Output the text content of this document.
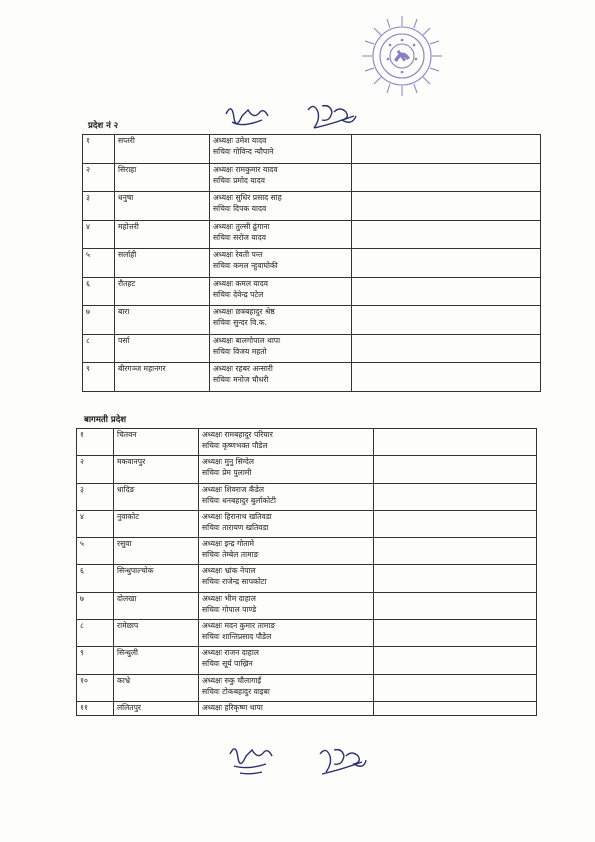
प्रदेश नं २
१	सप्तरी	अध्यक्षः उमेश यादव
सचिवः गोविन्द न्यौपाने	

२	सिराहा	अध्यक्षः रामकुमार यादव
सचिवः प्रमोद यादव	

३	धनुषा	अध्यक्षः सुधिर प्रसाद साह
सचिवः दिपक यादव	

४	महोत्तरी	अध्यक्षः तुल्सी ढुंगाना
सचिवः सरोज यादव	

५	सर्लाही	अध्यक्षः रेवती पन्त
सचिवः कमल न्हुवाघोकी	

६	रौतहट	अध्यक्षः कमल यादव
सचिवः देवेन्द्र पटेल	

७	बारा	अध्यक्षः छत्रबहादुर श्रेष्ठ
सचिवः सुन्दर वि.क.	

८	पर्सा	अध्यक्षः बालगोपाल थापा
सचिवः विजय महतो	

९	बीरगञ्ज महानगर	अध्यक्षः रहबर अन्सारी
सचिवः मनोज चौधरी	

बागमती प्रदेश
१	चितवन	अध्यक्षः रामबहादुर परियार
सचिवः कृष्णभक्त पौडेल	

२	मकवानपुर	अध्यक्षः मुनु सिग्देल
सचिवः प्रेम पुलामी	

३	धादिङ	अध्यक्षः शिवराज कँडेल
सचिवः धनबहादुर बुर्लाकोटी	

४	नुवाकोट	अध्यक्षः हिरानाथ खतिवडा
सचिवः तारायण खतिवडा	

५	रसुवा	अध्यक्षः इन्द्र गोतामे
सचिवः तेम्बेल तामाङ	

६	सिन्धुपाल्चोक	अध्यक्षः भ्रांक नेपाल
सचिवः राजेन्द्र सापकोटा	

७	दोलखा	अध्यक्षः भीम दाहाल
सचिवः गोपाल पाण्डे	

८	रामेछाप	अध्यक्षः मदन कुमार तामाङ
सचिवः शान्तिप्रसाद पौडेल	

९	सिन्धुली	अध्यक्षः राजन दाहाल
सचिवः सूर्य पाख्रिन	

१०	काभ्रे	अध्यक्षः रुकु चौलागाईं
सचिवः टोकबहादुर वाइबा	

११	ललितपुर	अध्यक्षः हरिकृष्ण थापा	
